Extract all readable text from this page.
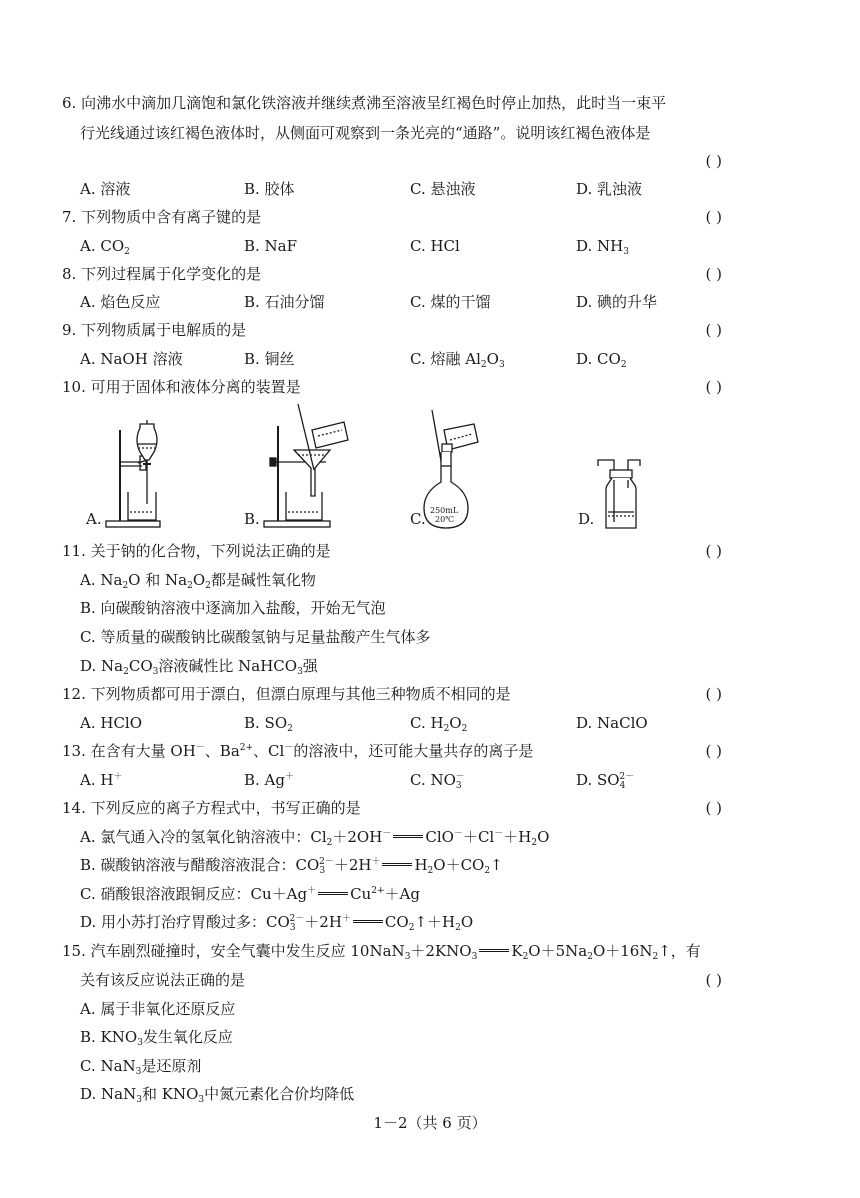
6. 向沸水中滴加几滴饱和氯化铁溶液并继续煮沸至溶液呈红褐色时停止加热，此时当一束平
行光线通过该红褐色液体时，从侧面可观察到一条光亮的“通路”。说明该红褐色液体是
( )
A. 溶液	B. 胶体	C. 悬浊液	D. 乳浊液
7. 下列物质中含有离子键的是	( )
A. $CO_2$	B. NaF	C. HCl	D. $NH_3$
8. 下列过程属于化学变化的是	( )
A. 焰色反应	B. 石油分馏	C. 煤的干馏	D. 碘的升华
9. 下列物质属于电解质的是	( )
A. NaOH 溶液	B. 铜丝	C. 熔融 $Al_2O_3$	D. $CO_2$
10. 可用于固体和液体分离的装置是	( )
A.	B.	C. 250mL
20℃	D.
11. 关于钠的化合物，下列说法正确的是	( )
A. $Na_2O$ 和 $Na_2O_2$都是碱性氧化物
B. 向碳酸钠溶液中逐滴加入盐酸，开始无气泡
C. 等质量的碳酸钠比碳酸氢钠与足量盐酸产生气体多
D. $Na_2CO_3$溶液碱性比 NaHCO$_3$强
12. 下列物质都可用于漂白，但漂白原理与其他三种物质不相同的是	( )
A. HClO	B. $SO_2$	C. $H_2O_2$	D. NaClO
13. 在含有大量 OH－、$Ba^{2+}$、Cl－的溶液中，还可能大量共存的离子是	( )
A. H＋	B. Ag＋	C. $NO_3^-$	D. $SO_4^{2-}$
14. 下列反应的离子方程式中，书写正确的是	( )
A. 氯气通入冷的氢氧化钠溶液中：$Cl_2+2OH^-$ $ClO^-+Cl^-+H_2O$
B. 碳酸钠溶液与醋酸溶液混合：$CO_3^{2-}+2H^+$ $H_2O+CO_2↑$
C. 硝酸银溶液跟铜反应：Cu＋Ag＋ $Cu^{2+}+Ag$
D. 用小苏打治疗胃酸过多：$CO_3^{2-}+2H^+$ $CO_2↑+H_2O$
15. 汽车剧烈碰撞时，安全气囊中发生反应 $10NaN_3+2KNO_3$ $K_2O+5Na_2O+16N_2↑$，有
关有该反应说法正确的是	( )
A. 属于非氧化还原反应
B. $KNO_3$发生氧化反应
C. NaN$_3$是还原剂
D. NaN$_3$和 $KNO_3$中氮元素化合价均降低
1－2（共 6 页）
